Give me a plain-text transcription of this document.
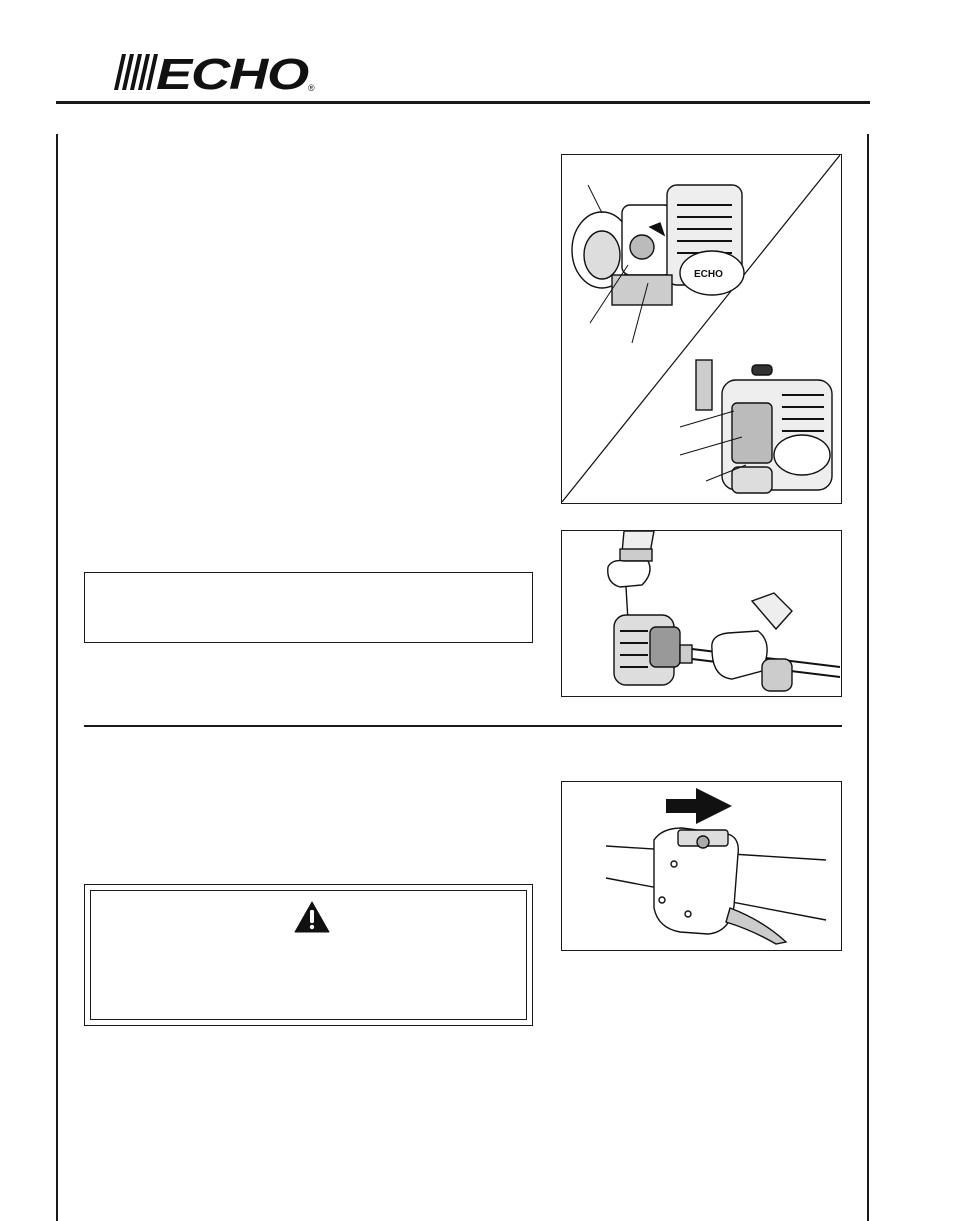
ECHO ®
ECHO
